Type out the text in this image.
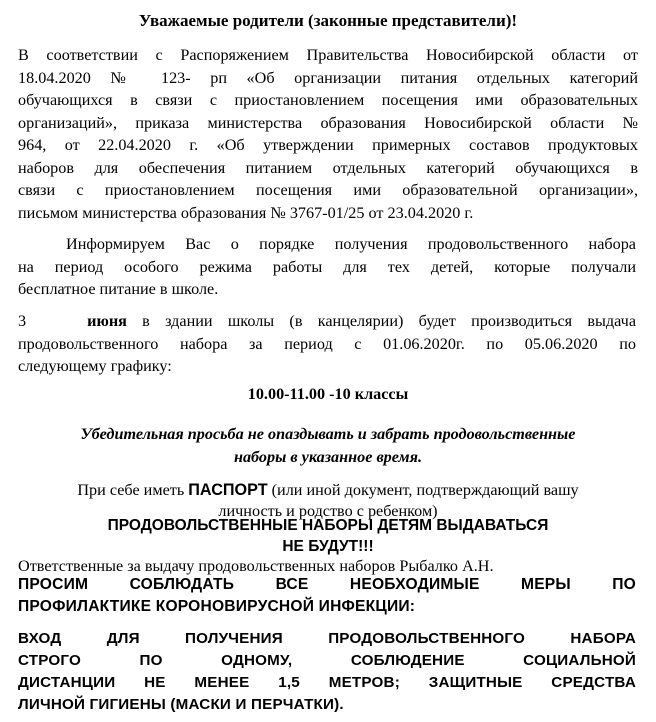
Уважаемые родители (законные представители)!
В соответствии с Распоряжением Правительства Новосибирской области от
18.04.2020 № 123- рп «Об организации питания отдельных категорий
обучающихся в связи с приостановлением посещения ими образовательных
организаций», приказа министерства образования Новосибирской области №
964, от 22.04.2020 г. «Об утверждении примерных составов продуктовых
наборов для обеспечения питанием отдельных категорий обучающихся в
связи с приостановлением посещения ими образовательной организации»,
письмом министерства образования № 3767-01/25 от 23.04.2020 г.
Информируем Вас о порядке получения продовольственного набора
на период особого режима работы для тех детей, которые получали
бесплатное питание в школе.
3	июня в здании школы (в канцелярии) будет производиться выдача
продовольственного набора за период с 01.06.2020г. по 05.06.2020 по
следующему графику:
10.00-11.00 -10 классы
Убедительная просьба не опаздывать и забрать продовольственные
наборы в указанное время.
При себе иметь ПАСПОРТ (или иной документ, подтверждающий вашу
личность и родство с ребенком)
ПРОДОВОЛЬСТВЕННЫЕ НАБОРЫ ДЕТЯМ ВЫДАВАТЬСЯ
НЕ БУДУТ!!!
Ответственные за выдачу продовольственных наборов Рыбалко А.Н.
ПРОСИМ СОБЛЮДАТЬ ВСЕ НЕОБХОДИМЫЕ МЕРЫ ПО
ПРОФИЛАКТИКЕ КОРОНОВИРУСНОЙ ИНФЕКЦИИ:
ВХОД ДЛЯ ПОЛУЧЕНИЯ ПРОДОВОЛЬСТВЕННОГО НАБОРА
СТРОГО ПО ОДНОМУ, СОБЛЮДЕНИЕ СОЦИАЛЬНОЙ
ДИСТАНЦИИ НЕ МЕНЕЕ 1,5 МЕТРОВ; ЗАЩИТНЫЕ СРЕДСТВА
ЛИЧНОЙ ГИГИЕНЫ (МАСКИ И ПЕРЧАТКИ).
